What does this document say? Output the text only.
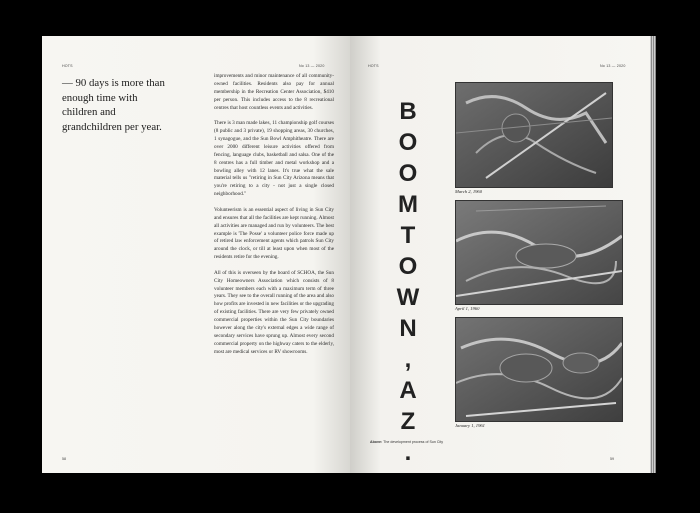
HOTS	No 13 — 2020
— 90 days is more than enough time with children and grandchildren per year.

improvements and minor maintenance of all community-owned facilities. Residents also pay for annual membership in the Recreation Center Association, $410 per person. This includes access to the 8 recreational centres that host countless events and activities.

There is 3 man made lakes, 11 championship golf courses (8 public and 3 private), 19 shopping areas, 30 churches, 1 synagogue, and the Sun Bowl Amphitheatre. There are over 2000 different leisure activities offered from fencing, language clubs, basketball and salsa. One of the 8 centres has a full timber and metal workshop and a bowling alley with 12 lanes. It's true what the sale material tells us "retiring in Sun City Arizona means that you're retiring to a city - not just a single closed neighborhood."

Volunteerism is an essential aspect of living in Sun City and ensures that all the facilities are kept running. Almost all activities are managed and run by volunteers. The best example is 'The Posse' a volunteer police force made up of retired law enforcement agents which patrols Sun City around the clock, or till at least upon when most of the residents retire for the evening.

All of this is overseen by the board of SCHOA, the Sun City Homeowners Association which consists of 8 volunteer members each with a maximum term of three years. They see to the overall running of the area and also how profits are invested in new facilities or the upgrading of existing facilities. There are very few privately owned commercial properties within the Sun City boundaries however along the city's external edges a wide range of secondary services have sprung up. Almost every second commercial property on the highway caters to the elderly, most are medical services or RV showrooms.

58
HOTS	No 13 — 2020
B
O
O
M
T
O
W
N
,
A
Z
.
March 2, 1960
April 1, 1960
January 1, 1961
Above: The development process of Sun City
59
